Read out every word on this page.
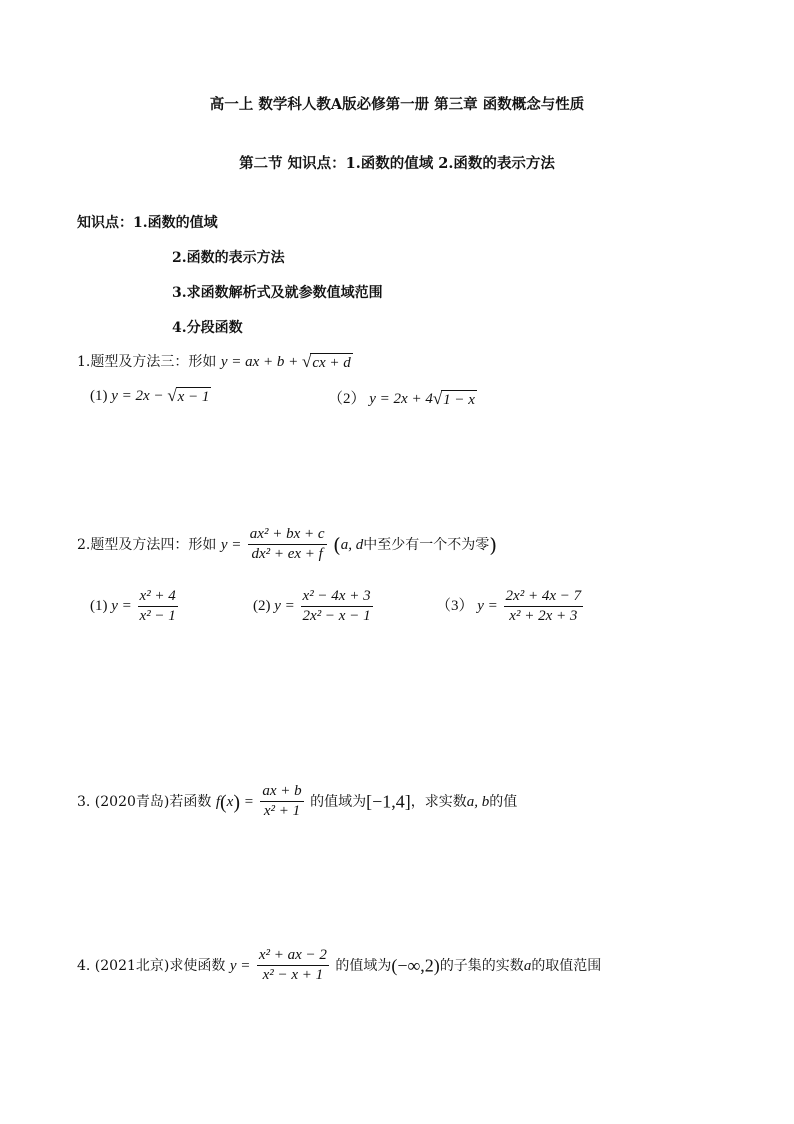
高一上 数学科人教A版必修第一册 第三章 函数概念与性质
第二节 知识点：1.函数的值域 2.函数的表示方法
知识点：1.函数的值域
2.函数的表示方法
3.求函数解析式及就参数值域范围
4.分段函数
1.题型及方法三：形如 y = ax + b + √ cx + d
(1) y = 2x − √ x − 1	（2） y = 2x + 4 √ 1 − x
2.题型及方法四：形如 $y = \frac{\text{ax² + bx + c}}{\text{dx² + ex + f}} (a$, d中至少有一个不为零)
(1) $y = \frac{\text{x² + 4}}{\text{x² − 1}}$	(2) $y = \frac{\text{x² − 4x + 3}}{\text{2x² − x − 1}}$	（3） $y = \frac{\text{2x² + 4x − 7}}{\text{x² + 2x + 3}}$
3. (2020青岛)若函数 $f(x) = \frac{ax + b}{\text{x² + 1}}$ 的值域为[−1,4]，求实数a, b的值
4. (2021北京)求使函数 $y = \frac{\text{x² + ax − 2}}{\text{x² − x + 1}}$ 的值域为(−∞,2)的子集的实数a的取值范围
